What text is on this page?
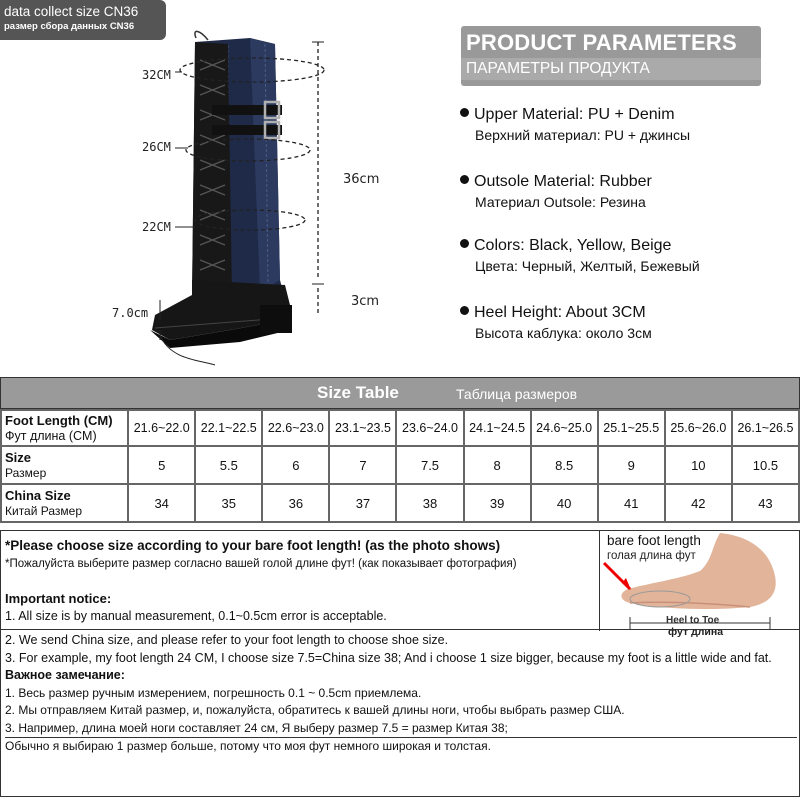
data collect size CN36
размер сбора данных CN36
32CM
26CM
22CM
7.0cm
36cm
3cm
PRODUCT PARAMETERS
ПАРАМЕТРЫ ПРОДУКТА
Upper Material: PU + Denim
Верхний материал: PU + джинсы
Outsole Material: Rubber
Материал Outsole: Резина
Colors: Black, Yellow, Beige
Цвета: Черный, Желтый, Бежевый
Heel Height: About 3CM
Высота каблука: около 3см
Size Table	Таблица размеров
Foot Length (CM)
Фут длина (CM)	21.6~22.0	22.1~22.5	22.6~23.0	23.1~23.5	23.6~24.0	24.1~24.5	24.6~25.0	25.1~25.5	25.6~26.0	26.1~26.5
Size
Размер	5	5.5	6	7	7.5	8	8.5	9	10	10.5
China Size
Китай Размер	34	35	36	37	38	39	40	41	42	43
*Please choose size according to your bare foot length! (as the photo shows)
*Пожалуйста выберите размер согласно вашей голой длине фут! (как показывает фотография)
bare foot length
голая длина фут
Heel to Toe
фут длина
Important notice:
1. All size is by manual measurement, 0.1~0.5cm error is acceptable.
2. We send China size, and please refer to your foot length to choose shoe size.
3. For example, my foot length 24 CM, I choose size 7.5=China size 38; And i choose 1 size bigger, because my foot is a little wide and fat.
Важное замечание:
1. Весь размер ручным измерением, погрешность 0.1 ~ 0.5cm приемлема.
2. Мы отправляем Китай размер, и, пожалуйста, обратитесь к вашей длины ноги, чтобы выбрать размер США.
3. Например, длина моей ноги составляет 24 см, Я выберу размер 7.5 = размер Китая 38;
Обычно я выбираю 1 размер больше, потому что моя фут немного широкая и толстая.
